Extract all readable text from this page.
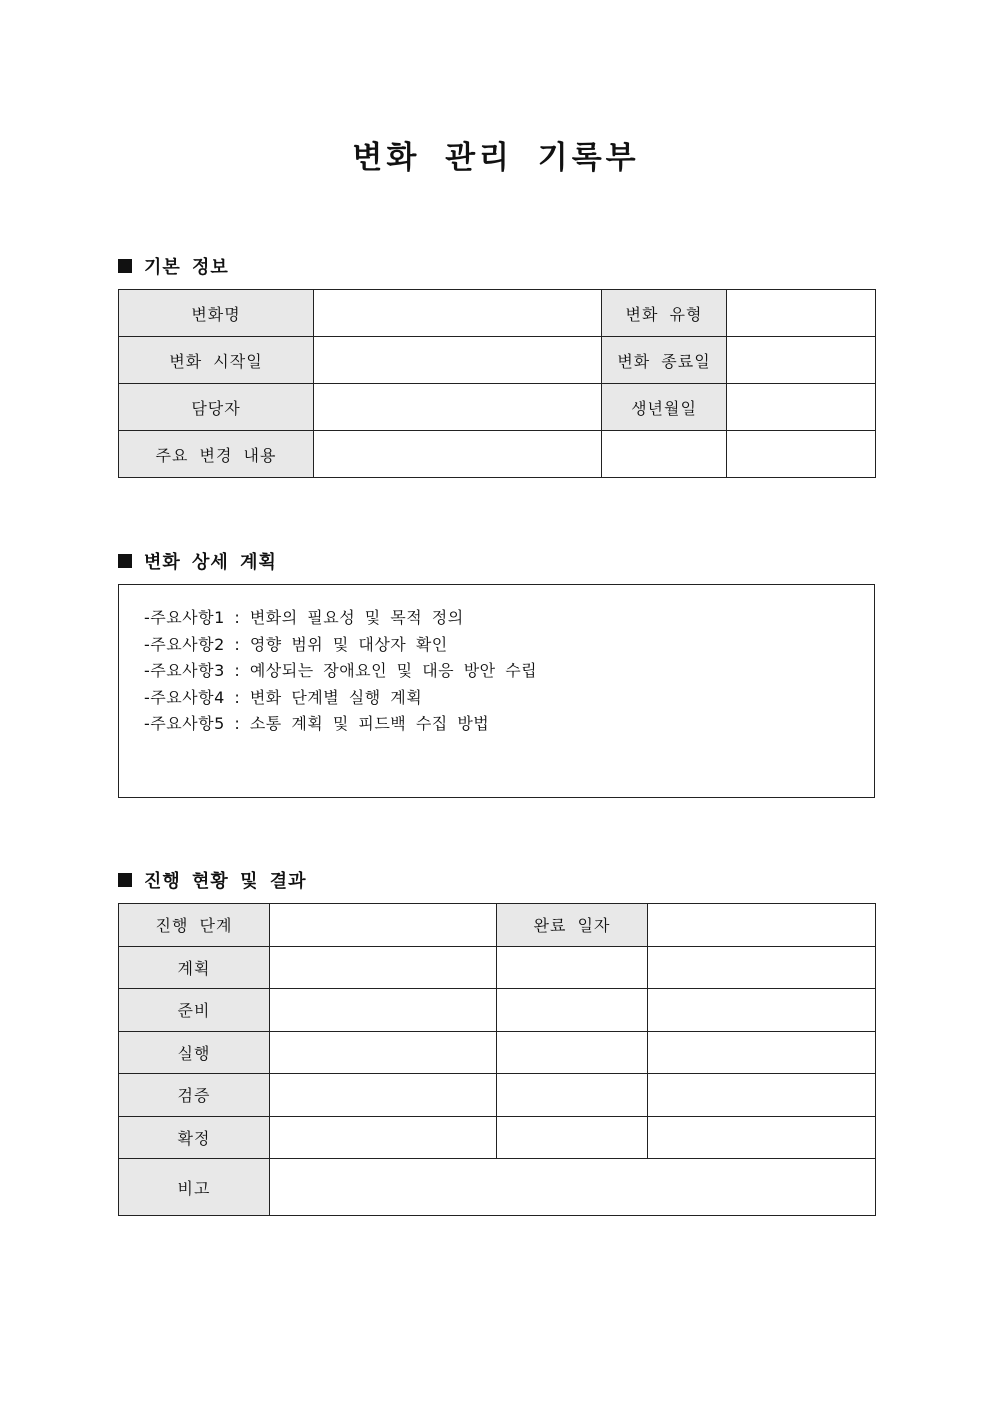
변화 관리 기록부
기본 정보
변화명		변화 유형	
변화 시작일		변화 종료일	
담당자		생년월일	
주요 변경 내용			
변화 상세 계획
-주요사항1 : 변화의 필요성 및 목적 정의
-주요사항2 : 영향 범위 및 대상자 확인
-주요사항3 : 예상되는 장애요인 및 대응 방안 수립
-주요사항4 : 변화 단계별 실행 계획
-주요사항5 : 소통 계획 및 피드백 수집 방법
진행 현황 및 결과
진행 단계		완료 일자	
계획			
준비			
실행			
검증			
확정			
비고			
